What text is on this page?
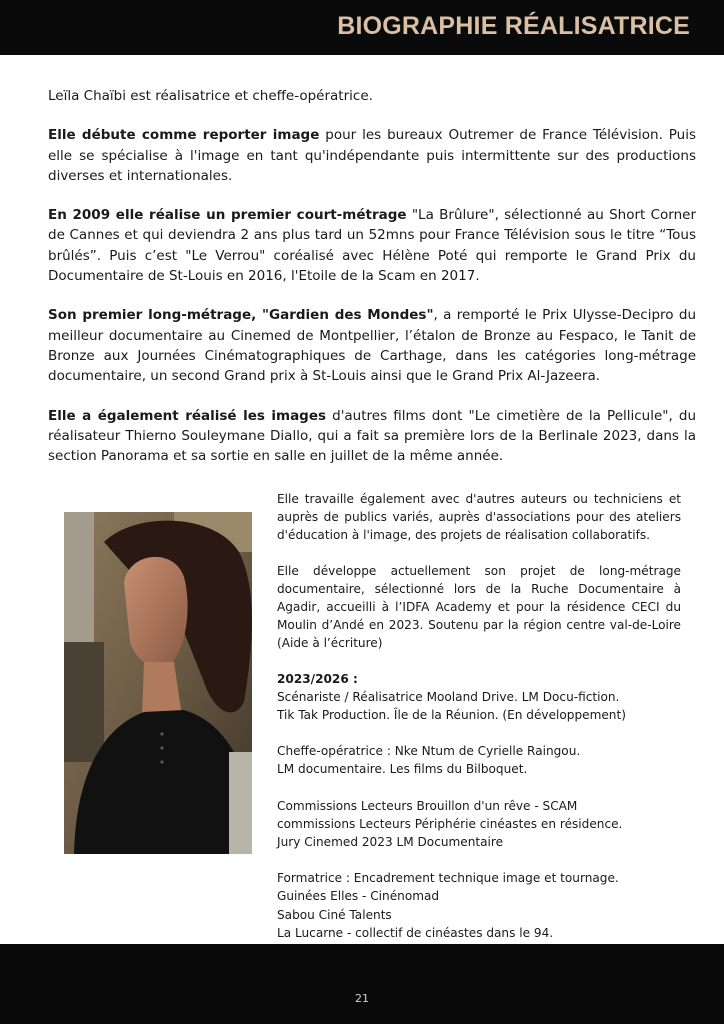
BIOGRAPHIE RÉALISATRICE

Leïla Chaïbi est réalisatrice et cheffe-opératrice.

Elle débute comme reporter image pour les bureaux Outremer de France Télévision. Puis elle se spécialise à l'image en tant qu'indépendante puis intermittente sur des productions diverses et internationales.

En 2009 elle réalise un premier court-métrage "La Brûlure", sélectionné au Short Corner de Cannes et qui deviendra 2 ans plus tard un 52mns pour France Télévision sous le titre “Tous brûlés”. Puis c’est "Le Verrou" coréalisé avec Hélène Poté qui remporte le Grand Prix du Documentaire de St-Louis en 2016, l'Etoile de la Scam en 2017.

Son premier long-métrage, "Gardien des Mondes", a remporté le Prix Ulysse-Decipro du meilleur documentaire au Cinemed de Montpellier, l’étalon de Bronze au Fespaco, le Tanit de Bronze aux Journées Cinématographiques de Carthage, dans les catégories long-métrage documentaire, un second Grand prix à St-Louis ainsi que le Grand Prix Al-Jazeera.

Elle a également réalisé les images d'autres films dont "Le cimetière de la Pellicule", du réalisateur Thierno Souleymane Diallo, qui a fait sa première lors de la Berlinale 2023, dans la section Panorama et sa sortie en salle en juillet de la même année.

Elle travaille également avec d'autres auteurs ou techniciens et auprès de publics variés, auprès d'associations pour des ateliers d'éducation à l'image, des projets de réalisation collaboratifs.

Elle développe actuellement son projet de long-métrage documentaire, sélectionné lors de la Ruche Documentaire à Agadir, accueilli à l’IDFA Academy et pour la résidence CECI du Moulin d’Andé en 2023. Soutenu par la région centre val-de-Loire (Aide à l’écriture)

2023/2026 :
Scénariste / Réalisatrice Mooland Drive. LM Docu-fiction.
Tik Tak Production. Île de la Réunion. (En développement)
Cheffe-opératrice : Nke Ntum de Cyrielle Raingou.
LM documentaire. Les films du Bilboquet.
Commissions Lecteurs Brouillon d'un rêve - SCAM
commissions Lecteurs Périphérie cinéastes en résidence.
Jury Cinemed 2023 LM Documentaire
Formatrice : Encadrement technique image et tournage.
Guinées Elles - Cinénomad
Sabou Ciné Talents
La Lucarne - collectif de cinéastes dans le 94.
21
